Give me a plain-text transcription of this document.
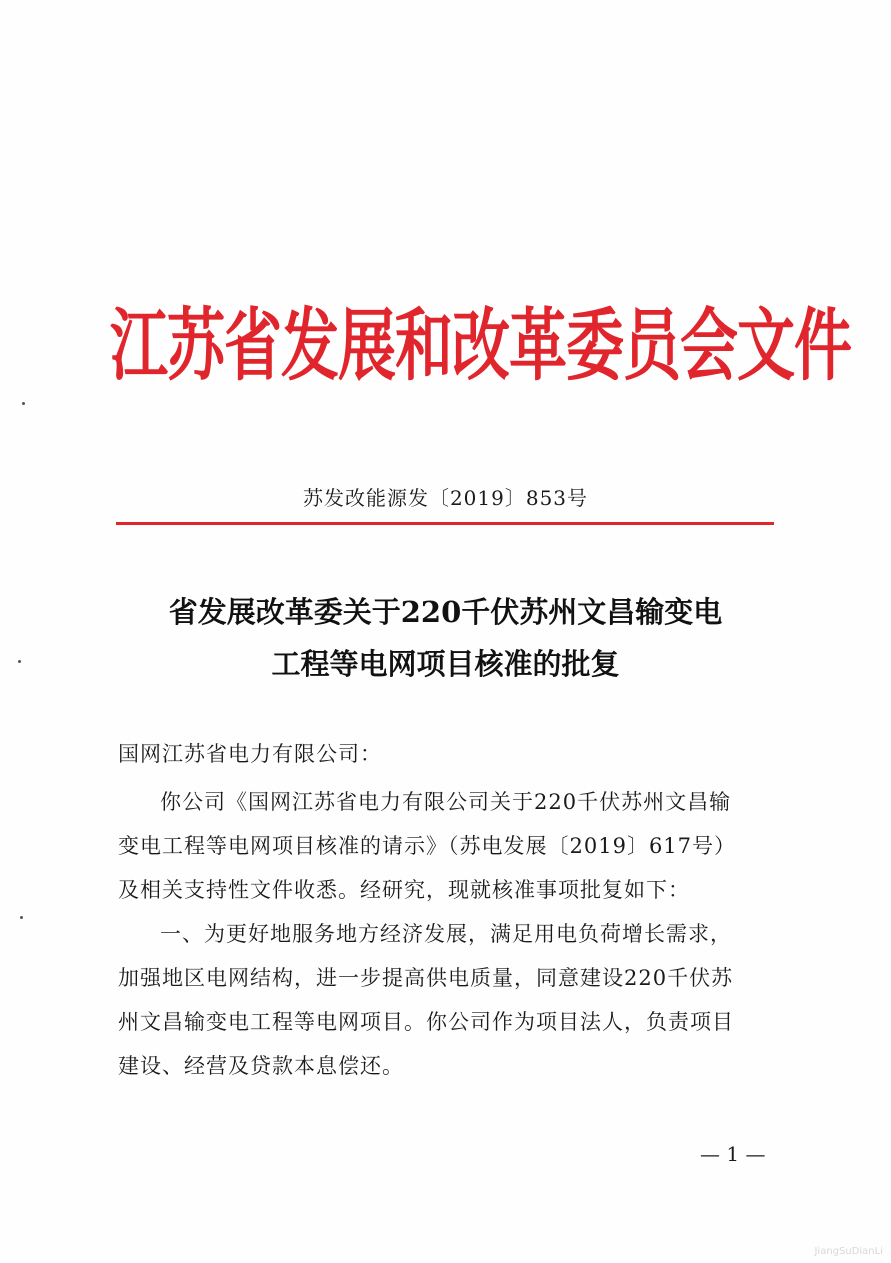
江苏省发展和改革委员会文件
苏发改能源发〔2019〕853号
省发展改革委关于220千伏苏州文昌输变电
工程等电网项目核准的批复
国网江苏省电力有限公司：
你公司《国网江苏省电力有限公司关于220千伏苏州文昌输
变电工程等电网项目核准的请示》（苏电发展〔2019〕617号）
及相关支持性文件收悉。经研究，现就核准事项批复如下：
一、为更好地服务地方经济发展，满足用电负荷增长需求，
加强地区电网结构，进一步提高供电质量，同意建设220千伏苏
州文昌输变电工程等电网项目。你公司作为项目法人，负责项目
建设、经营及贷款本息偿还。
— 1 —
JiangSuDianLi
